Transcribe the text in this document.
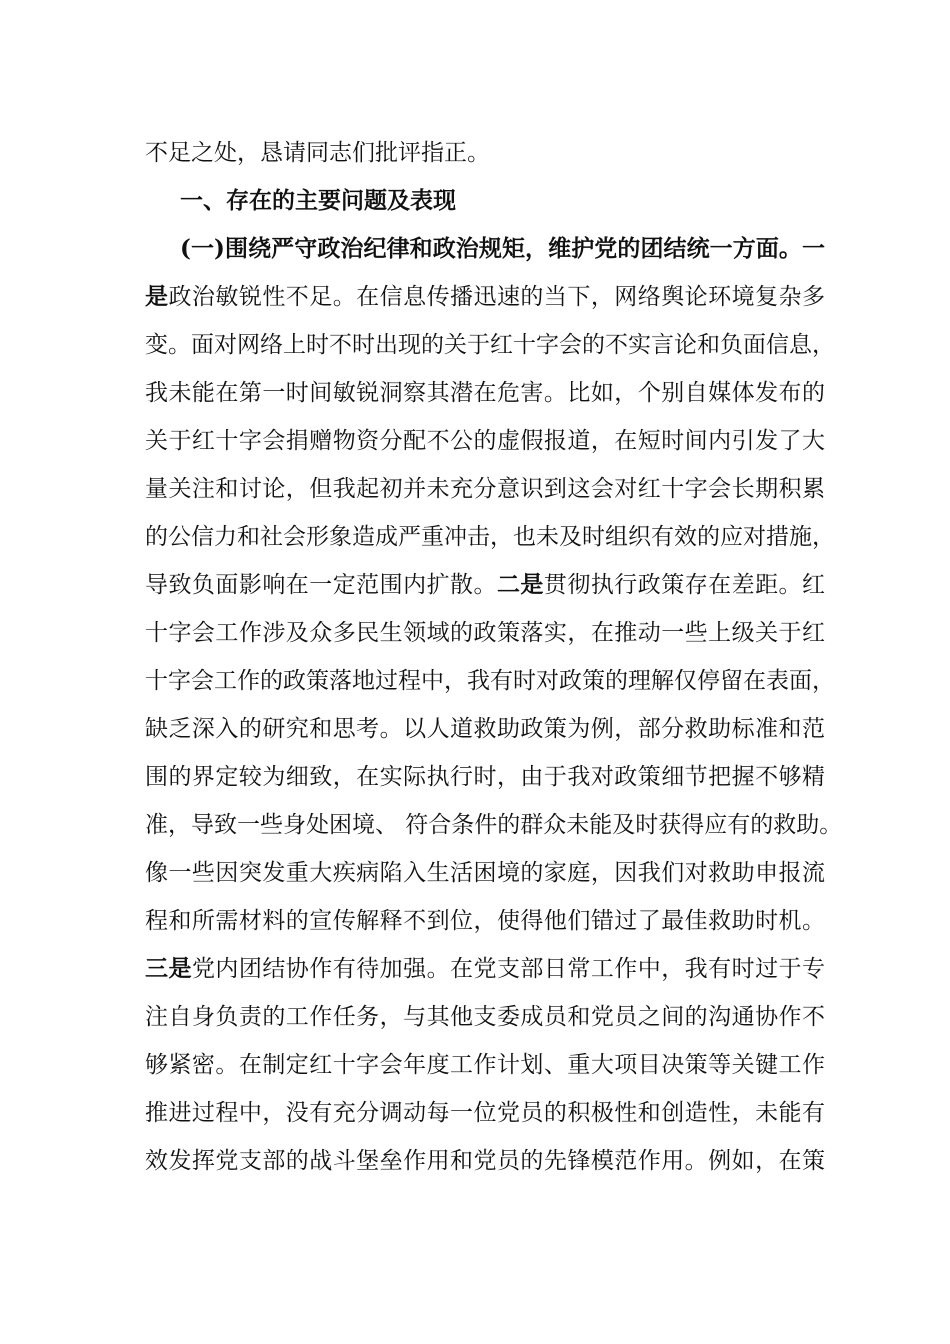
不足之处，恳请同志们批评指正。
一、存在的主要问题及表现
(一)围绕严守政治纪律和政治规矩，维护党的团结统一方面。一
是政治敏锐性不足。在信息传播迅速的当下，网络舆论环境复杂多
变。面对网络上时不时出现的关于红十字会的不实言论和负面信息，
我未能在第一时间敏锐洞察其潜在危害。比如，个别自媒体发布的
关于红十字会捐赠物资分配不公的虚假报道，在短时间内引发了大
量关注和讨论，但我起初并未充分意识到这会对红十字会长期积累
的公信力和社会形象造成严重冲击，也未及时组织有效的应对措施，
导致负面影响在一定范围内扩散。二是贯彻执行政策存在差距。红
十字会工作涉及众多民生领域的政策落实，在推动一些上级关于红
十字会工作的政策落地过程中，我有时对政策的理解仅停留在表面，
缺乏深入的研究和思考。以人道救助政策为例，部分救助标准和范
围的界定较为细致，在实际执行时，由于我对政策细节把握不够精
准，导致一些身处困境、 符合条件的群众未能及时获得应有的救助。
像一些因突发重大疾病陷入生活困境的家庭，因我们对救助申报流
程和所需材料的宣传解释不到位，使得他们错过了最佳救助时机。
三是党内团结协作有待加强。在党支部日常工作中，我有时过于专
注自身负责的工作任务，与其他支委成员和党员之间的沟通协作不
够紧密。在制定红十字会年度工作计划、重大项目决策等关键工作
推进过程中，没有充分调动每一位党员的积极性和创造性，未能有
效发挥党支部的战斗堡垒作用和党员的先锋模范作用。例如，在策
